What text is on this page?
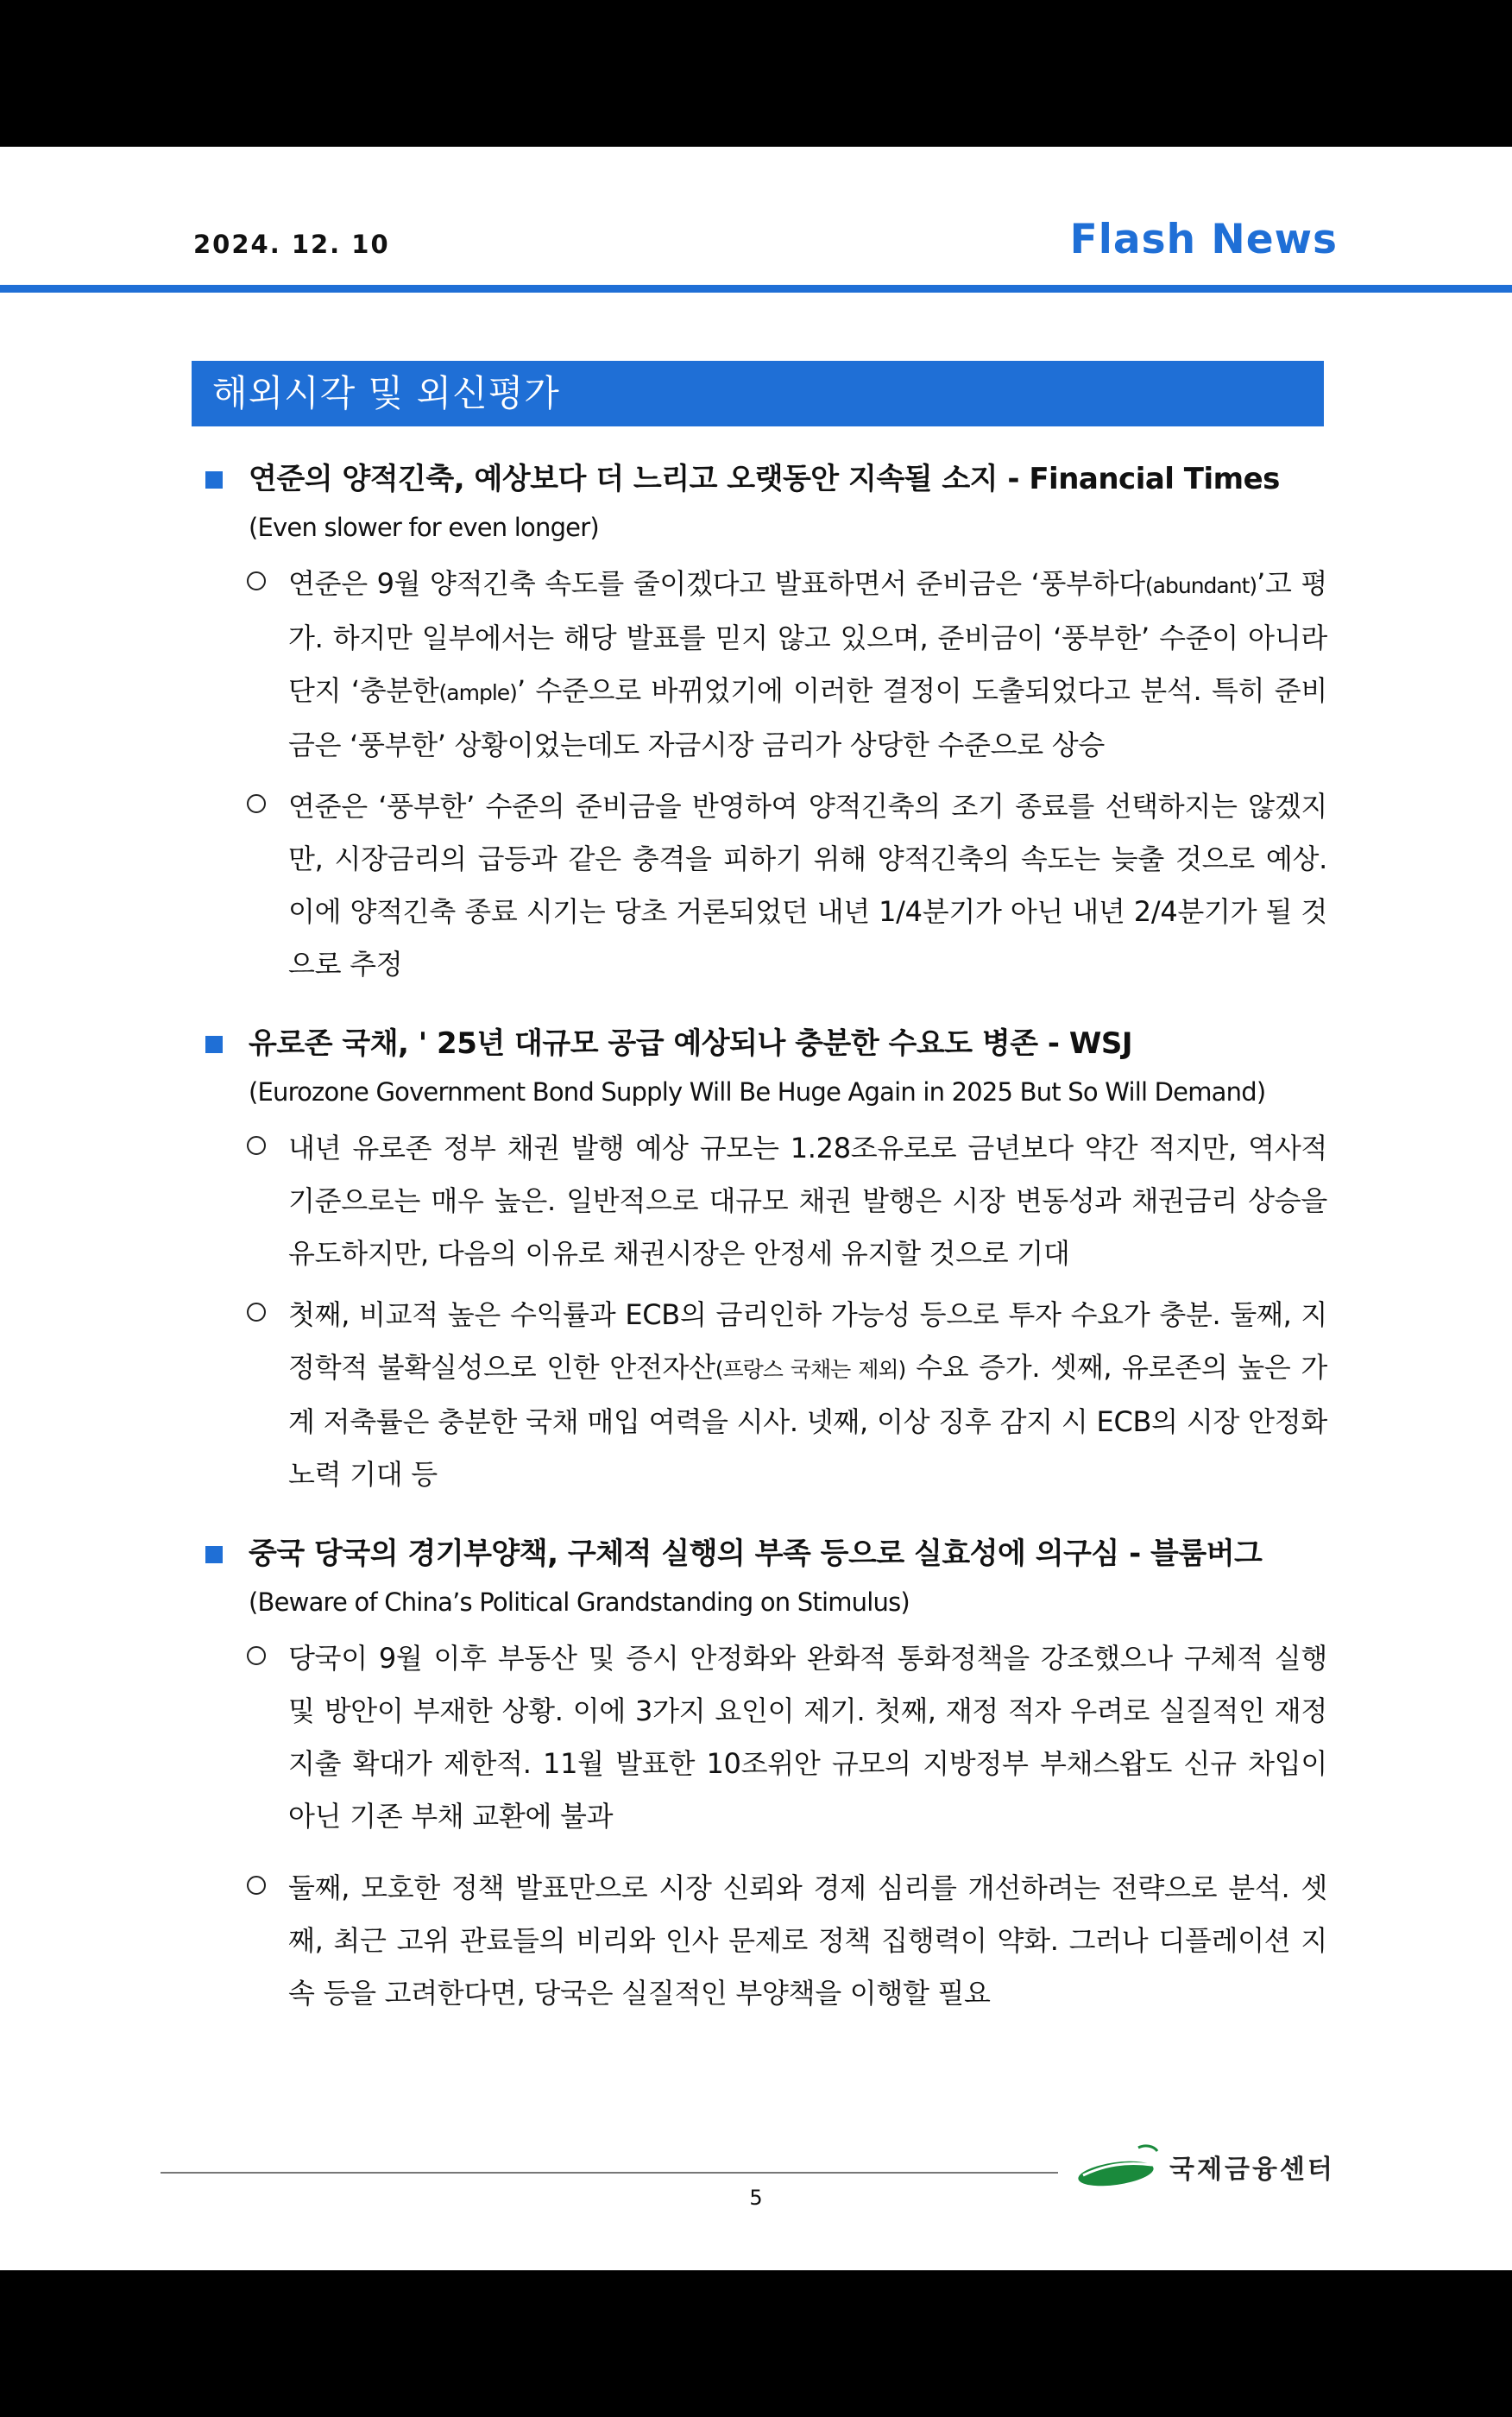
2024. 12. 10	Flash News
해외시각 및 외신평가
연준의 양적긴축, 예상보다 더 느리고 오랫동안 지속될 소지 - Financial Times
(Even slower for even longer)
연준은 9월 양적긴축 속도를 줄이겠다고 발표하면서 준비금은 ‘풍부하다(abundant)’고 평가. 하지만 일부에서는 해당 발표를 믿지 않고 있으며, 준비금이 ‘풍부한’ 수준이 아니라 단지 ‘충분한(ample)’ 수준으로 바뀌었기에 이러한 결정이 도출되었다고 분석. 특히 준비금은 ‘풍부한’ 상황이었는데도 자금시장 금리가 상당한 수준으로 상승
연준은 ‘풍부한’ 수준의 준비금을 반영하여 양적긴축의 조기 종료를 선택하지는 않겠지만, 시장금리의 급등과 같은 충격을 피하기 위해 양적긴축의 속도는 늦출 것으로 예상. 이에 양적긴축 종료 시기는 당초 거론되었던 내년 1/4분기가 아닌 내년 2/4분기가 될 것으로 추정
유로존 국채, ' 25년 대규모 공급 예상되나 충분한 수요도 병존 - WSJ
(Eurozone Government Bond Supply Will Be Huge Again in 2025 But So Will Demand)
내년 유로존 정부 채권 발행 예상 규모는 1.28조유로로 금년보다 약간 적지만, 역사적 기준으로는 매우 높은. 일반적으로 대규모 채권 발행은 시장 변동성과 채권금리 상승을 유도하지만, 다음의 이유로 채권시장은 안정세 유지할 것으로 기대
첫째, 비교적 높은 수익률과 ECB의 금리인하 가능성 등으로 투자 수요가 충분. 둘째, 지정학적 불확실성으로 인한 안전자산(프랑스 국채는 제외) 수요 증가. 셋째, 유로존의 높은 가계 저축률은 충분한 국채 매입 여력을 시사. 넷째, 이상 징후 감지 시 ECB의 시장 안정화 노력 기대 등
중국 당국의 경기부양책, 구체적 실행의 부족 등으로 실효성에 의구심 - 블룸버그
(Beware of China’s Political Grandstanding on Stimulus)
당국이 9월 이후 부동산 및 증시 안정화와 완화적 통화정책을 강조했으나 구체적 실행 및 방안이 부재한 상황. 이에 3가지 요인이 제기. 첫째, 재정 적자 우려로 실질적인 재정지출 확대가 제한적. 11월 발표한 10조위안 규모의 지방정부 부채스왑도 신규 차입이 아닌 기존 부채 교환에 불과
둘째, 모호한 정책 발표만으로 시장 신뢰와 경제 심리를 개선하려는 전략으로 분석. 셋째, 최근 고위 관료들의 비리와 인사 문제로 정책 집행력이 약화. 그러나 디플레이션 지속 등을 고려한다면, 당국은 실질적인 부양책을 이행할 필요
국제금융센터
5
